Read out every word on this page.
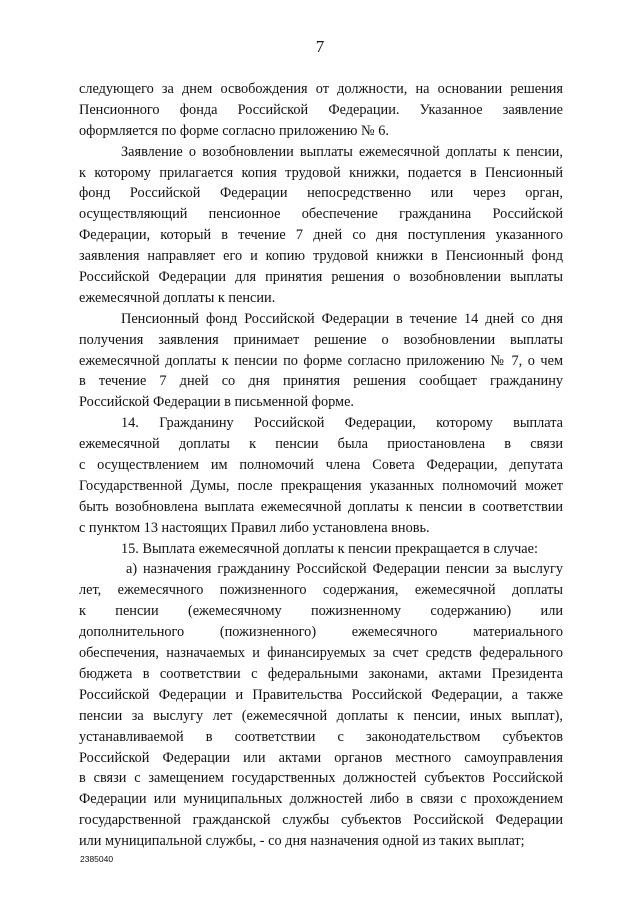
7
следующего за днем освобождения от должности, на основании решения
Пенсионного фонда Российской Федерации. Указанное заявление
оформляется по форме согласно приложению № 6.
Заявление о возобновлении выплаты ежемесячной доплаты к пенсии,
к которому прилагается копия трудовой книжки, подается в Пенсионный
фонд Российской Федерации непосредственно или через орган,
осуществляющий пенсионное обеспечение гражданина Российской
Федерации, который в течение 7 дней со дня поступления указанного
заявления направляет его и копию трудовой книжки в Пенсионный фонд
Российской Федерации для принятия решения о возобновлении выплаты
ежемесячной доплаты к пенсии.
Пенсионный фонд Российской Федерации в течение 14 дней со дня
получения заявления принимает решение о возобновлении выплаты
ежемесячной доплаты к пенсии по форме согласно приложению № 7, о чем
в течение 7 дней со дня принятия решения сообщает гражданину
Российской Федерации в письменной форме.
14. Гражданину Российской Федерации, которому выплата
ежемесячной доплаты к пенсии была приостановлена в связи
с осуществлением им полномочий члена Совета Федерации, депутата
Государственной Думы, после прекращения указанных полномочий может
быть возобновлена выплата ежемесячной доплаты к пенсии в соответствии
с пунктом 13 настоящих Правил либо установлена вновь.
15. Выплата ежемесячной доплаты к пенсии прекращается в случае:
а) назначения гражданину Российской Федерации пенсии за выслугу
лет, ежемесячного пожизненного содержания, ежемесячной доплаты
к пенсии (ежемесячному пожизненному содержанию) или
дополнительного (пожизненного) ежемесячного материального
обеспечения, назначаемых и финансируемых за счет средств федерального
бюджета в соответствии с федеральными законами, актами Президента
Российской Федерации и Правительства Российской Федерации, а также
пенсии за выслугу лет (ежемесячной доплаты к пенсии, иных выплат),
устанавливаемой в соответствии с законодательством субъектов
Российской Федерации или актами органов местного самоуправления
в связи с замещением государственных должностей субъектов Российской
Федерации или муниципальных должностей либо в связи с прохождением
государственной гражданской службы субъектов Российской Федерации
или муниципальной службы, - со дня назначения одной из таких выплат;
2385040
